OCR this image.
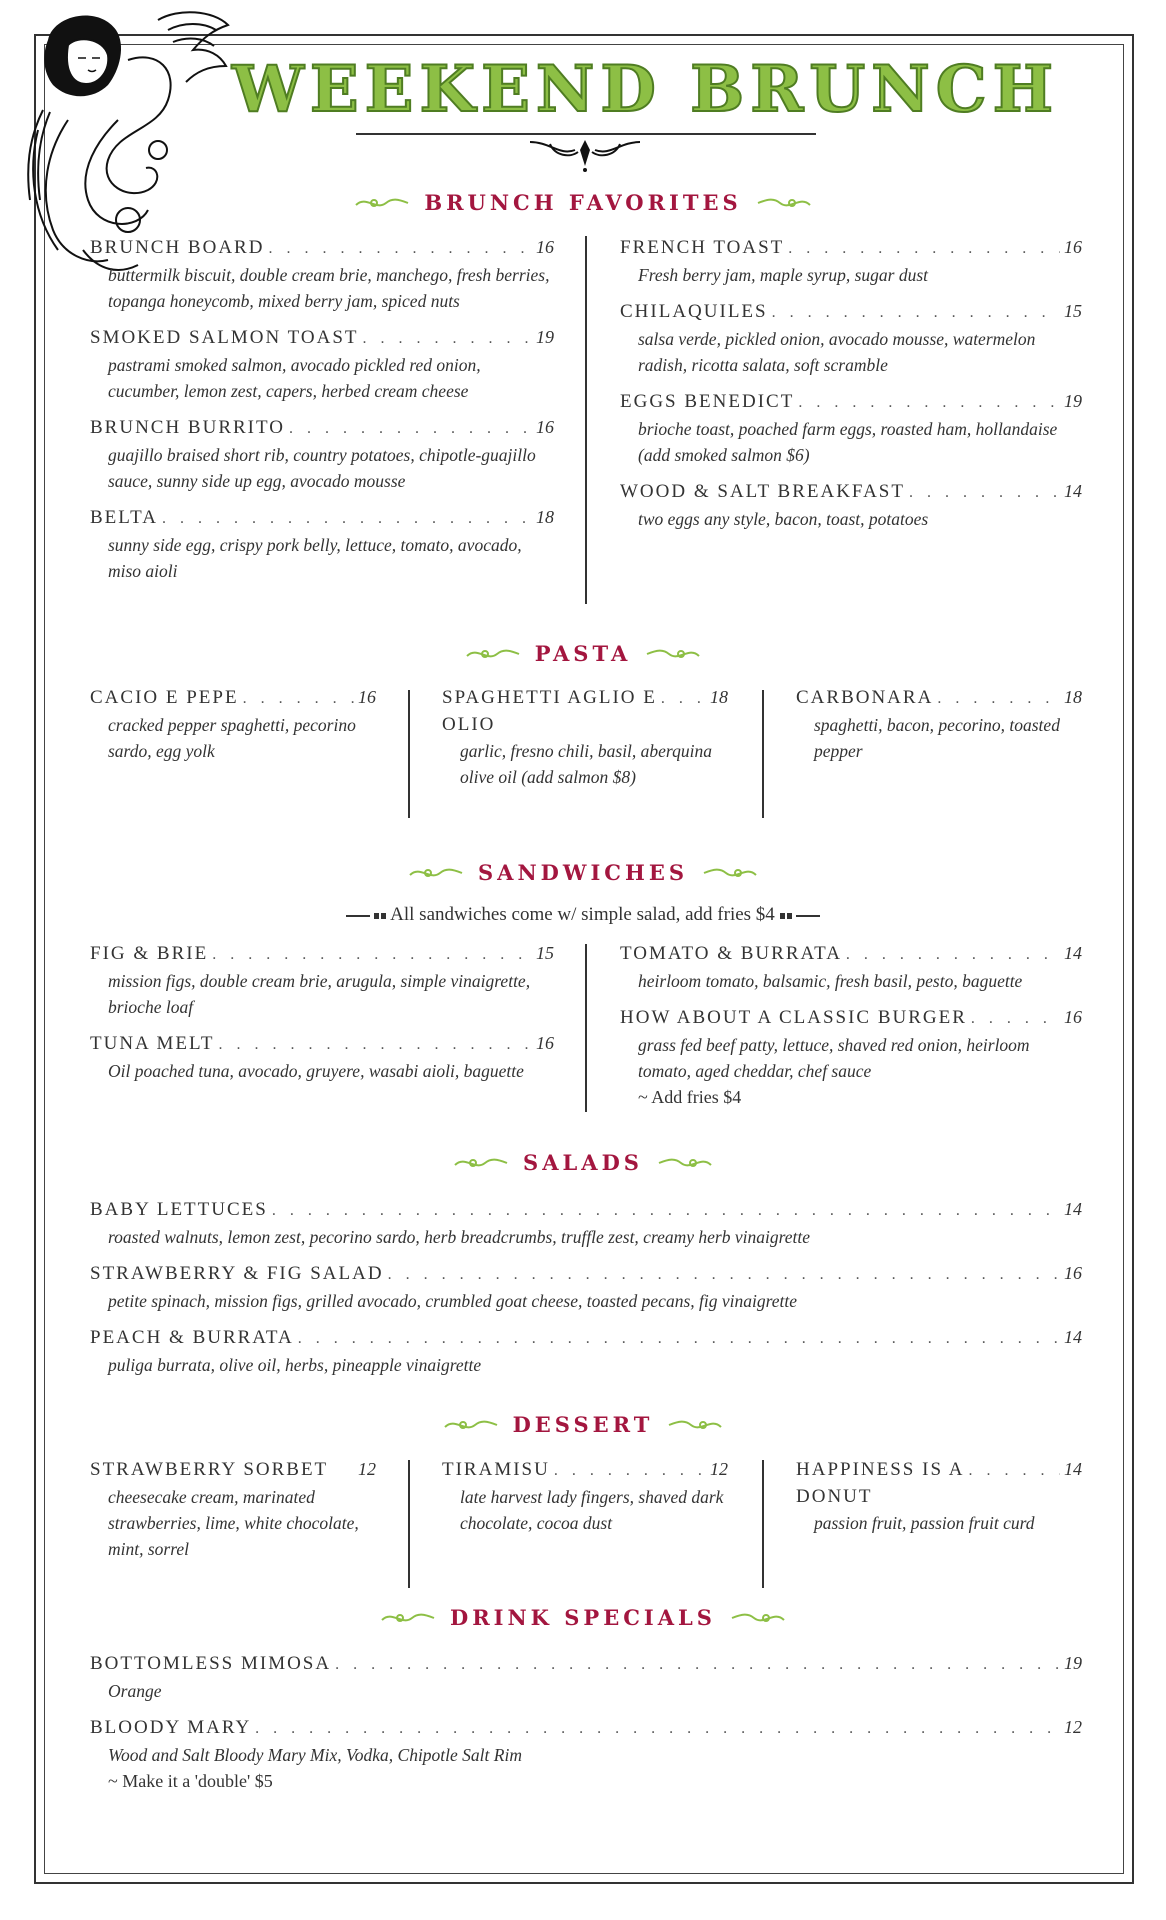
WEEKEND BRUNCH
BRUNCH FAVORITES
BRUNCH BOARD . . .	16
buttermilk biscuit, double cream brie, manchego, fresh berries, topanga honeycomb, mixed berry jam, spiced nuts
SMOKED SALMON TOAST . . .	19
pastrami smoked salmon, avocado pickled red onion, cucumber, lemon zest, capers, herbed cream cheese
BRUNCH BURRITO . . .	16
guajillo braised short rib, country potatoes, chipotle-guajillo sauce, sunny side up egg, avocado mousse
BELTA . . .	18
sunny side egg, crispy pork belly, lettuce, tomato, avocado, miso aioli
FRENCH TOAST . . .	16
Fresh berry jam, maple syrup, sugar dust
CHILAQUILES . . .	15
salsa verde, pickled onion, avocado mousse, watermelon radish, ricotta salata, soft scramble
EGGS BENEDICT . . .	19
brioche toast, poached farm eggs, roasted ham, hollandaise (add smoked salmon $6)
WOOD & SALT BREAKFAST . . .	14
two eggs any style, bacon, toast, potatoes
PASTA
CACIO E PEPE . . .	16
cracked pepper spaghetti, pecorino sardo, egg yolk
SPAGHETTI AGLIO E . . .	18
OLIO
garlic, fresno chili, basil, aberquina olive oil (add salmon $8)
CARBONARA . . .	18
spaghetti, bacon, pecorino, toasted pepper
SANDWICHES
All sandwiches come w/ simple salad, add fries $4
FIG & BRIE . . .	15
mission figs, double cream brie, arugula, simple vinaigrette, brioche loaf
TUNA MELT . . .	16
Oil poached tuna, avocado, gruyere, wasabi aioli, baguette
TOMATO & BURRATA . . .	14
heirloom tomato, balsamic, fresh basil, pesto, baguette
HOW ABOUT A CLASSIC BURGER . . .	16
grass fed beef patty, lettuce, shaved red onion, heirloom tomato, aged cheddar, chef sauce
~ Add fries $4
SALADS
BABY LETTUCES . . .	14
roasted walnuts, lemon zest, pecorino sardo, herb breadcrumbs, truffle zest, creamy herb vinaigrette
STRAWBERRY & FIG SALAD . . .	16
petite spinach, mission figs, grilled avocado, crumbled goat cheese, toasted pecans, fig vinaigrette
PEACH & BURRATA . . .	14
puliga burrata, olive oil, herbs, pineapple vinaigrette
DESSERT
STRAWBERRY SORBET 12
cheesecake cream, marinated strawberries, lime, white chocolate, mint, sorrel
TIRAMISU . . .	12
late harvest lady fingers, shaved dark chocolate, cocoa dust
HAPPINESS IS A . . .	14
DONUT
passion fruit, passion fruit curd
DRINK SPECIALS
BOTTOMLESS MIMOSA . . .	19
Orange
BLOODY MARY . . .	12
Wood and Salt Bloody Mary Mix, Vodka, Chipotle Salt Rim
~ Make it a 'double' $5
